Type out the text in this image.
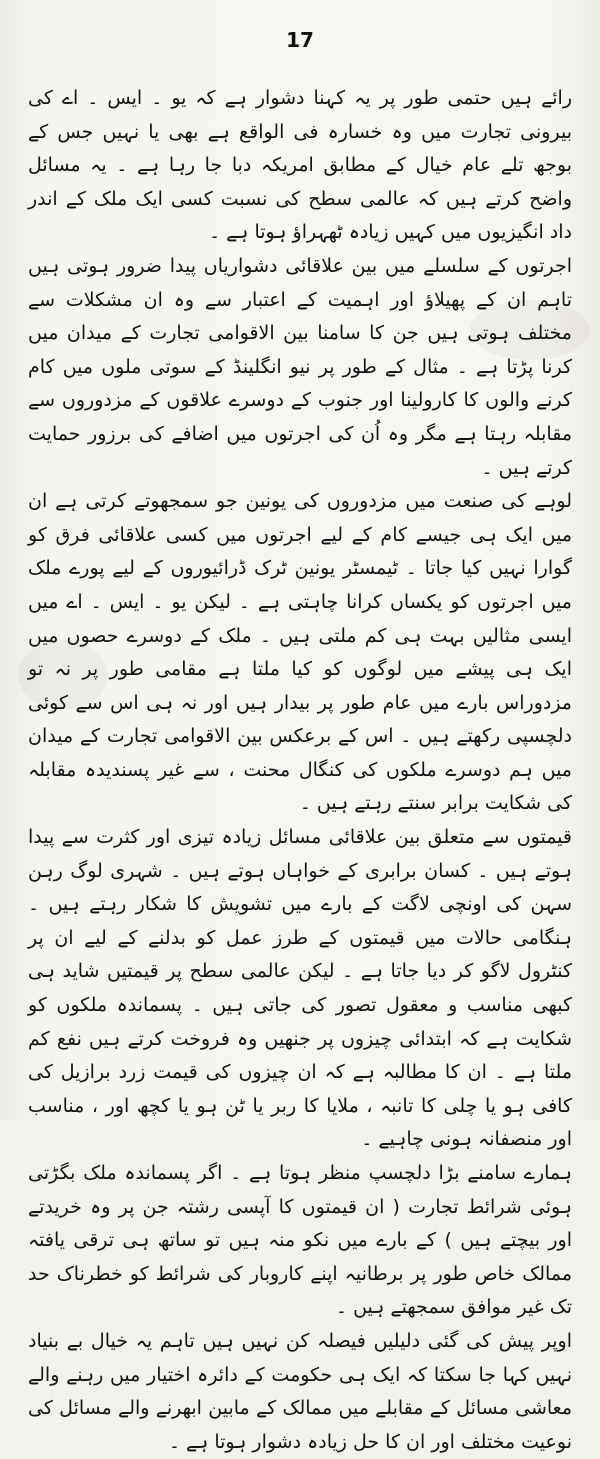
17

رائے ہیں حتمی طور پر یہ کہنا دشوار ہے کہ یو ۔ ایس ۔ اے کی بیرونی تجارت میں وہ خسارہ فی الواقع ہے بھی یا نہیں جس کے بوجھ تلے عام خیال کے مطابق امریکہ دبا جا رہا ہے ۔ یہ مسائل واضح کرتے ہیں کہ عالمی سطح کی نسبت کسی ایک ملک کے اندر داد انگیزیوں میں کہیں زیادہ ٹھہراؤ ہوتا ہے ۔

اجرتوں کے سلسلے میں بین علاقائی دشواریاں پیدا ضرور ہوتی ہیں تاہم ان کے پھیلاؤ اور اہمیت کے اعتبار سے وہ ان مشکلات سے مختلف ہوتی ہیں جن کا سامنا بین الاقوامی تجارت کے میدان میں کرنا پڑتا ہے ۔ مثال کے طور پر نیو انگلینڈ کے سوتی ملوں میں کام کرنے والوں کا کارولینا اور جنوب کے دوسرے علاقوں کے مزدوروں سے مقابلہ رہتا ہے مگر وہ اُن کی اجرتوں میں اضافے کی برزور حمایت کرتے ہیں ۔

لوہے کی صنعت میں مزدوروں کی یونین جو سمجھوتے کرتی ہے ان میں ایک ہی جیسے کام کے لیے اجرتوں میں کسی علاقائی فرق کو گوارا نہیں کیا جاتا ۔ ٹیمسٹر یونین ٹرک ڈرائیوروں کے لیے پورے ملک میں اجرتوں کو یکساں کرانا چاہتی ہے ۔ لیکن یو ۔ ایس ۔ اے میں ایسی مثالیں بہت ہی کم ملتی ہیں ۔ ملک کے دوسرے حصوں میں ایک ہی پیشے میں لوگوں کو کیا ملتا ہے مقامی طور پر نہ تو مزدوراس بارے میں عام طور پر بیدار ہیں اور نہ ہی اس سے کوئی دلچسپی رکھتے ہیں ۔ اس کے برعکس بین الاقوامی تجارت کے میدان میں ہم دوسرے ملکوں کی کنگال محنت ، سے غیر پسندیدہ مقابلہ کی شکایت برابر سنتے رہتے ہیں ۔

قیمتوں سے متعلق بین علاقائی مسائل زیادہ تیزی اور کثرت سے پیدا ہوتے ہیں ۔ کسان برابری کے خواہاں ہوتے ہیں ۔ شہری لوگ رہن سہن کی اونچی لاگت کے بارے میں تشویش کا شکار رہتے ہیں ۔ ہنگامی حالات میں قیمتوں کے طرز عمل کو بدلنے کے لیے ان پر کنٹرول لاگو کر دیا جاتا ہے ۔ لیکن عالمی سطح پر قیمتیں شاید ہی کبھی مناسب و معقول تصور کی جاتی ہیں ۔ پسماندہ ملکوں کو شکایت ہے کہ ابتدائی چیزوں پر جنھیں وہ فروخت کرتے ہیں نفع کم ملتا ہے ۔ ان کا مطالبہ ہے کہ ان چیزوں کی قیمت زرد برازیل کی کافی ہو یا چلی کا تانبہ ، ملایا کا ربر یا ٹن ہو یا کچھ اور ، مناسب اور منصفانہ ہونی چاہیے ۔

ہمارے سامنے بڑا دلچسپ منظر ہوتا ہے ۔ اگر پسماندہ ملک بگڑتی ہوئی شرائط تجارت ( ان قیمتوں کا آپسی رشتہ جن پر وہ خریدتے اور بیچتے ہیں ) کے بارے میں نکو منہ ہیں تو ساتھ ہی ترقی یافتہ ممالک خاص طور پر برطانیہ اپنے کاروبار کی شرائط کو خطرناک حد تک غیر موافق سمجھتے ہیں ۔

اوپر پیش کی گئی دلیلیں فیصلہ کن نہیں ہیں تاہم یہ خیال بے بنیاد نہیں کہا جا سکتا کہ ایک ہی حکومت کے دائرہ اختیار میں رہنے والے معاشی مسائل کے مقابلے میں ممالک کے مابین ابھرنے والے مسائل کی نوعیت مختلف اور ان کا حل زیادہ دشوار ہوتا ہے ۔
